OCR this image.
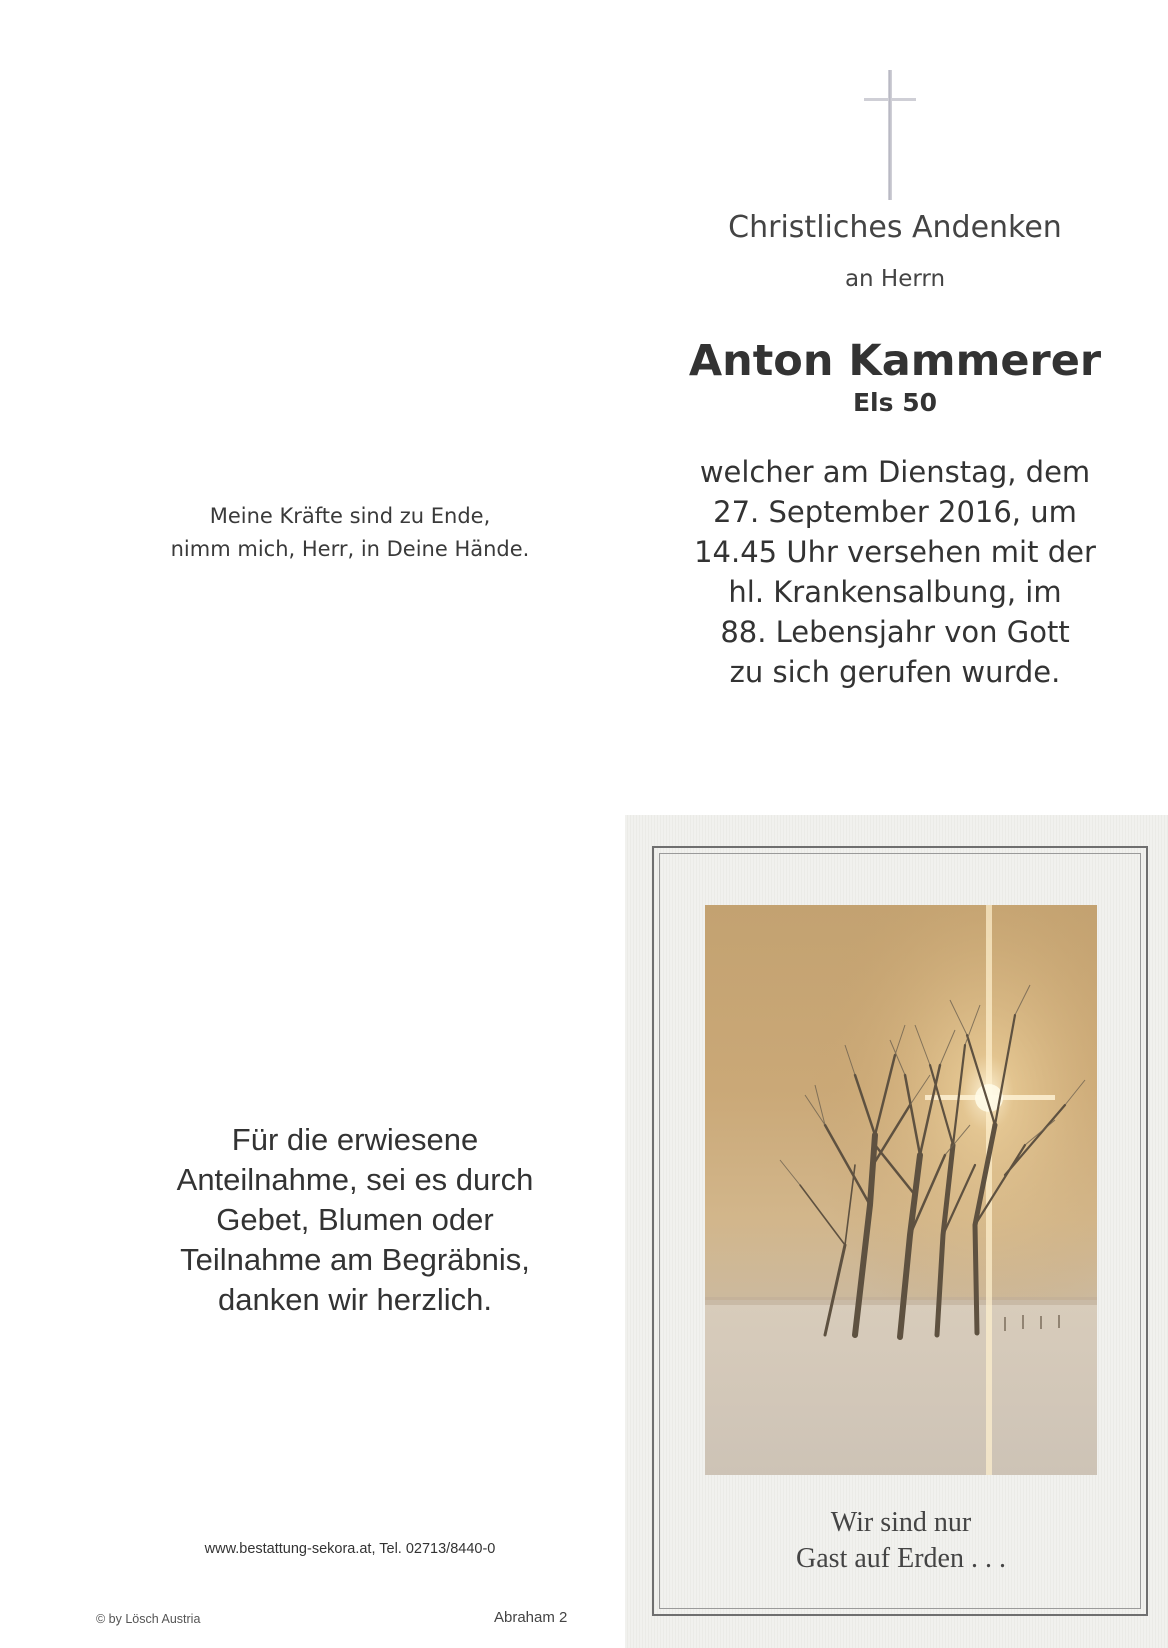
Christliches Andenken
an Herrn
Anton Kammerer
Els 50
welcher am Dienstag, dem
27. September 2016, um
14.45 Uhr versehen mit der
hl. Krankensalbung, im
88. Lebensjahr von Gott
zu sich gerufen wurde.
Meine Kräfte sind zu Ende,
nimm mich, Herr, in Deine Hände.
Für die erwiesene
Anteilnahme, sei es durch
Gebet, Blumen oder
Teilnahme am Begräbnis,
danken wir herzlich.
www.bestattung-sekora.at, Tel. 02713/8440-0
© by Lösch Austria	Abraham 2
Wir sind nur
Gast auf Erden . . .
